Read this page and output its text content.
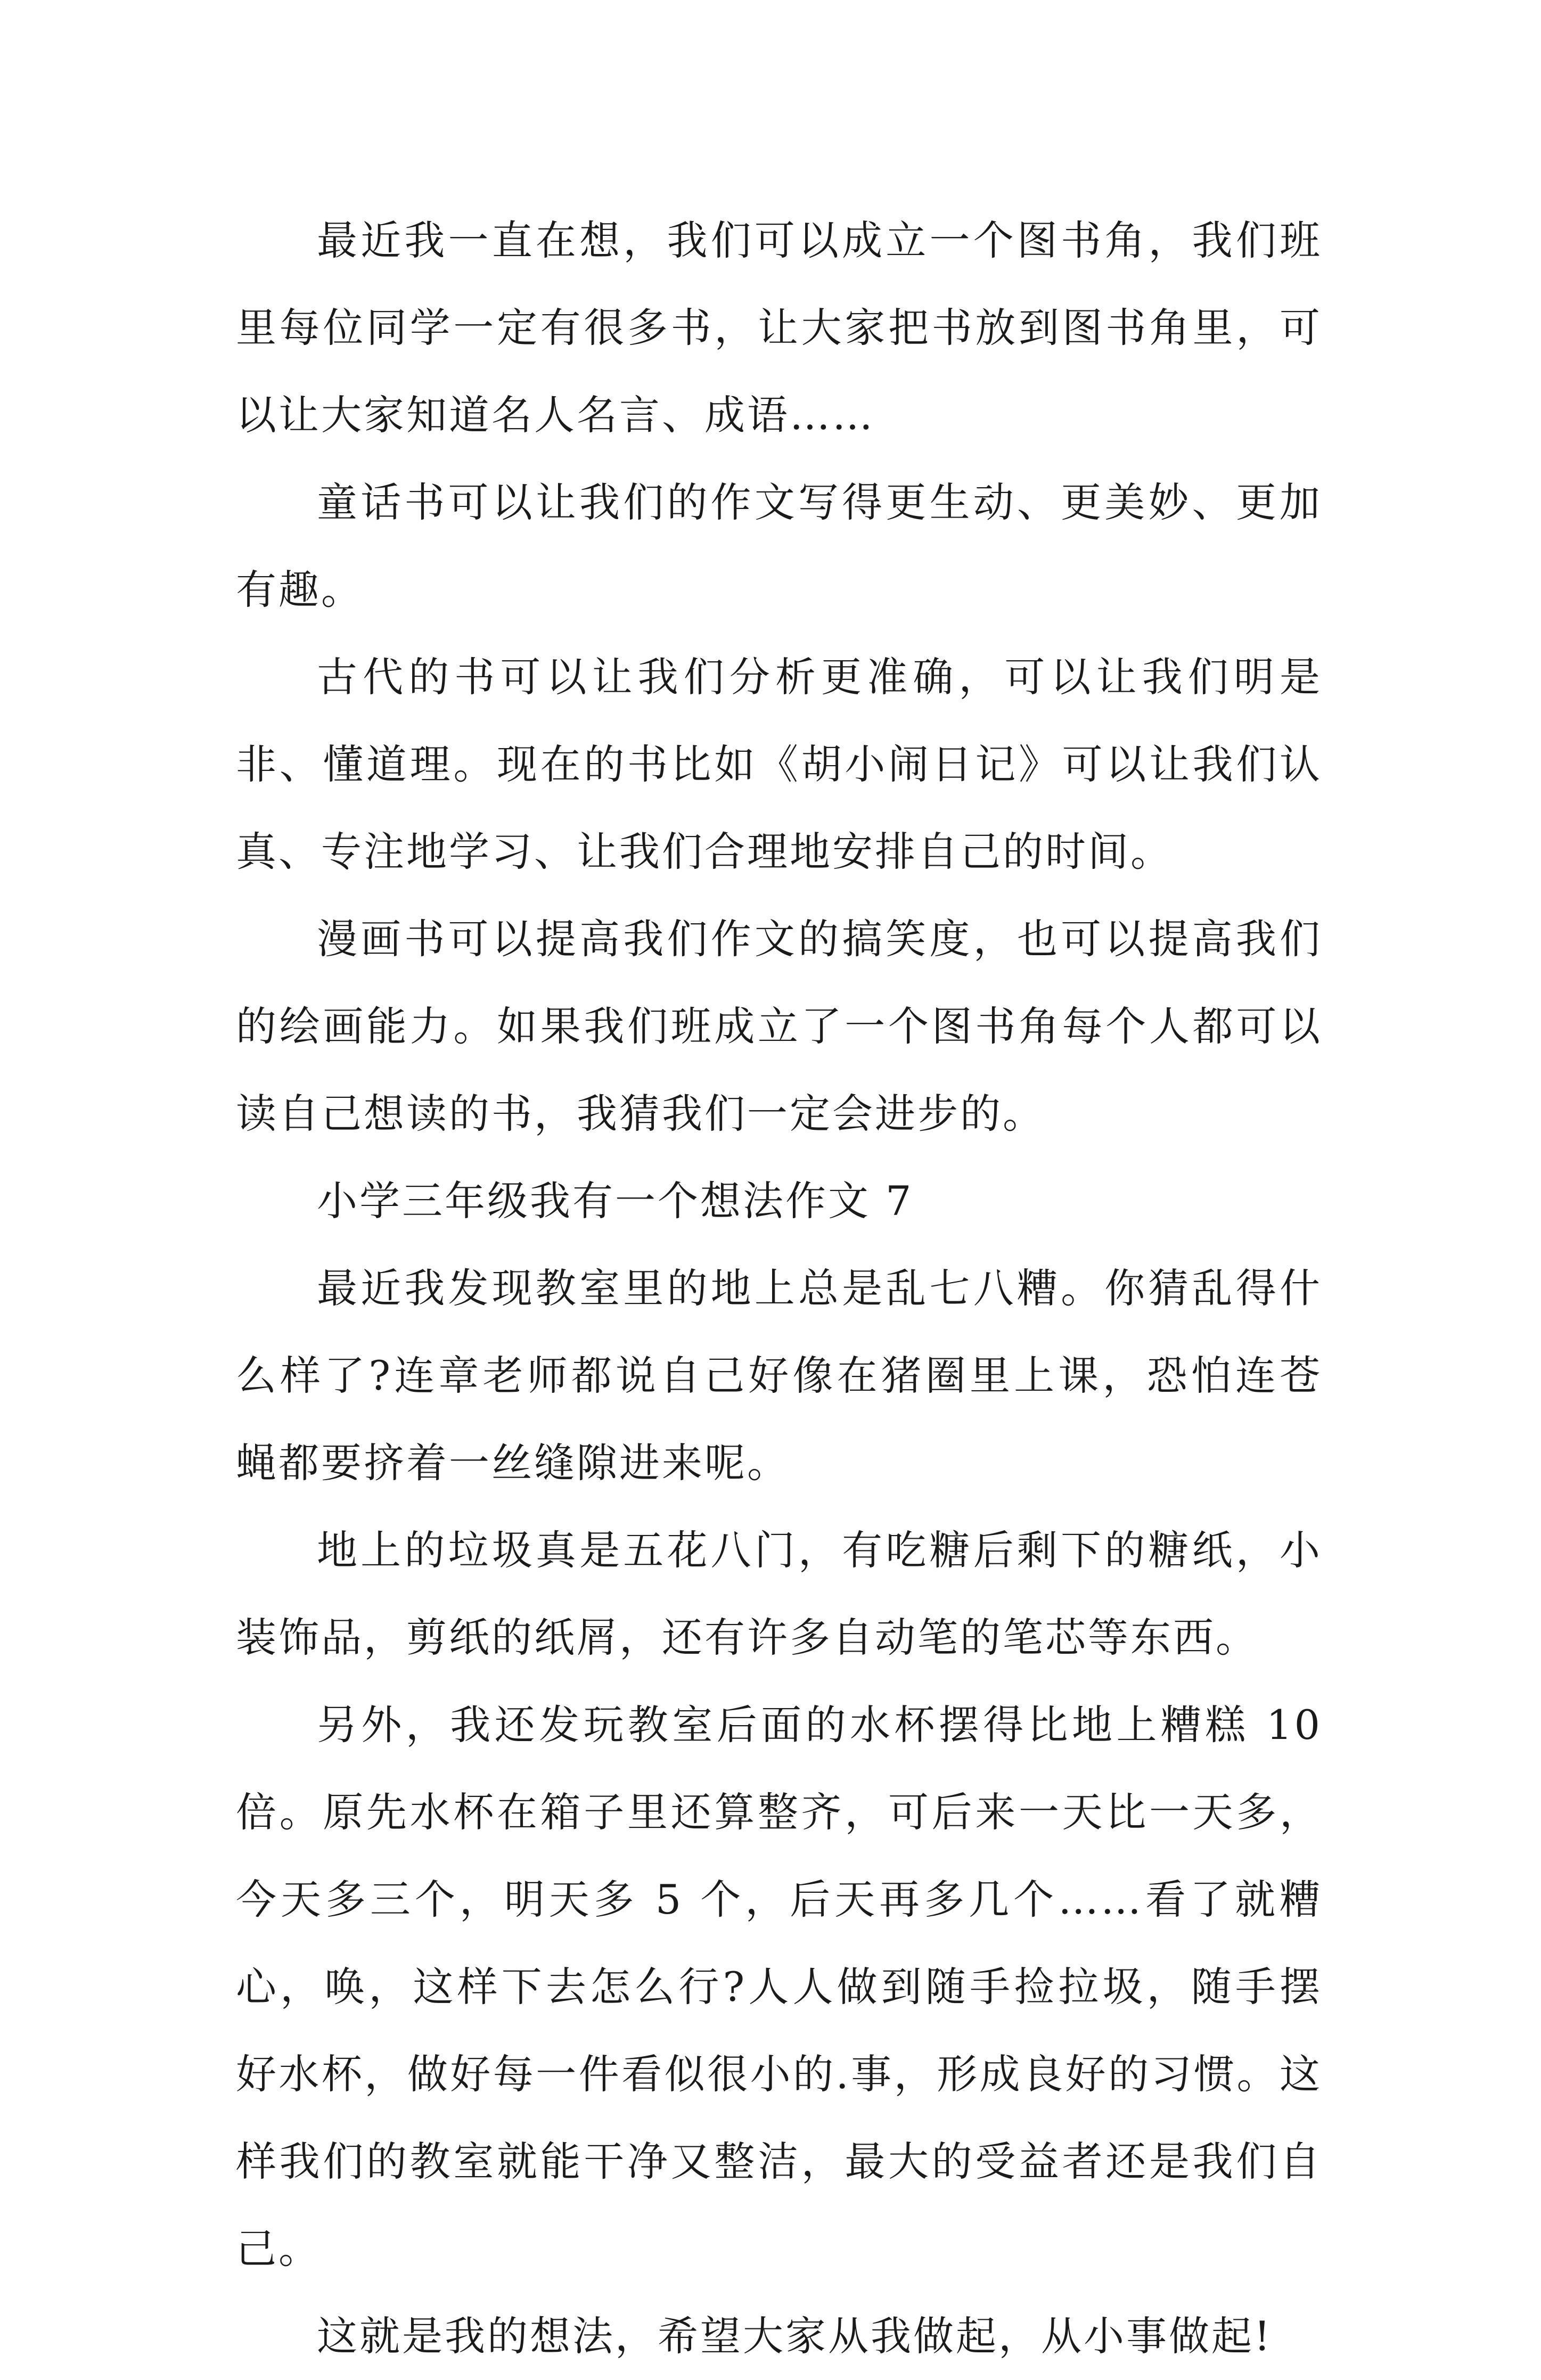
最近我一直在想，我们可以成立一个图书角，我们班里每位同学一定有很多书，让大家把书放到图书角里，可以让大家知道名人名言、成语……

童话书可以让我们的作文写得更生动、更美妙、更加有趣。

古代的书可以让我们分析更准确，可以让我们明是非、懂道理。现在的书比如《胡小闹日记》可以让我们认真、专注地学习、让我们合理地安排自己的时间。

漫画书可以提高我们作文的搞笑度，也可以提高我们的绘画能力。如果我们班成立了一个图书角每个人都可以读自己想读的书，我猜我们一定会进步的。

小学三年级我有一个想法作文 7

最近我发现教室里的地上总是乱七八糟。你猜乱得什么样了?连章老师都说自己好像在猪圈里上课，恐怕连苍蝇都要挤着一丝缝隙进来呢。

地上的垃圾真是五花八门，有吃糖后剩下的糖纸，小装饰品，剪纸的纸屑，还有许多自动笔的笔芯等东西。

另外，我还发玩教室后面的水杯摆得比地上糟糕 10 倍。原先水杯在箱子里还算整齐，可后来一天比一天多，今天多三个，明天多 5 个，后天再多几个……看了就糟心，唤，这样下去怎么行?人人做到随手捡拉圾，随手摆好水杯，做好每一件看似很小的.事，形成良好的习惯。这样我们的教室就能干净又整洁，最大的受益者还是我们自己。

这就是我的想法，希望大家从我做起，从小事做起!
